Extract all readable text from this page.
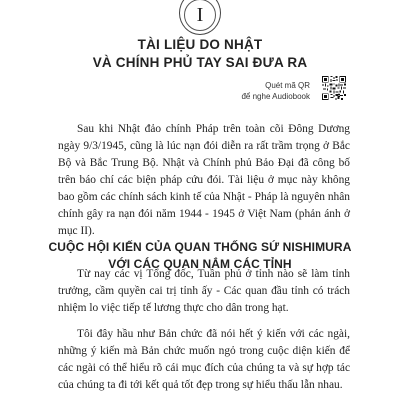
I
TÀI LIỆU DO NHẬT
VÀ CHÍNH PHỦ TAY SAI ĐƯA RA
Quét mã QR
để nghe Audiobook

Sau khi Nhật đảo chính Pháp trên toàn cõi Đông Dương ngày 9/3/1945, cũng là lúc nạn đói diễn ra rất trầm trọng ở Bắc Bộ và Bắc Trung Bộ. Nhật và Chính phủ Bảo Đại đã công bố trên báo chí các biện pháp cứu đói. Tài liệu ở mục này không bao gồm các chính sách kinh tế của Nhật - Pháp là nguyên nhân chính gây ra nạn đói năm 1944 - 1945 ở Việt Nam (phản ánh ở mục II).

CUỘC HỘI KIẾN CỦA QUAN THỐNG SỨ NISHIMURA
VỚI CÁC QUAN NẮM CÁC TỈNH

Từ nay các vị Tổng đốc, Tuần phủ ở tỉnh nào sẽ làm tỉnh trưởng, cầm quyền cai trị tỉnh ấy - Các quan đầu tỉnh có trách nhiệm lo việc tiếp tế lương thực cho dân trong hạt.

Tôi đây hầu như Bản chức đã nói hết ý kiến với các ngài, những ý kiến mà Bản chức muốn ngỏ trong cuộc diện kiến để các ngài có thể hiểu rõ cái mục đích của chúng ta và sự hợp tác của chúng ta đi tới kết quả tốt đẹp trong sự hiểu thấu lẫn nhau.
